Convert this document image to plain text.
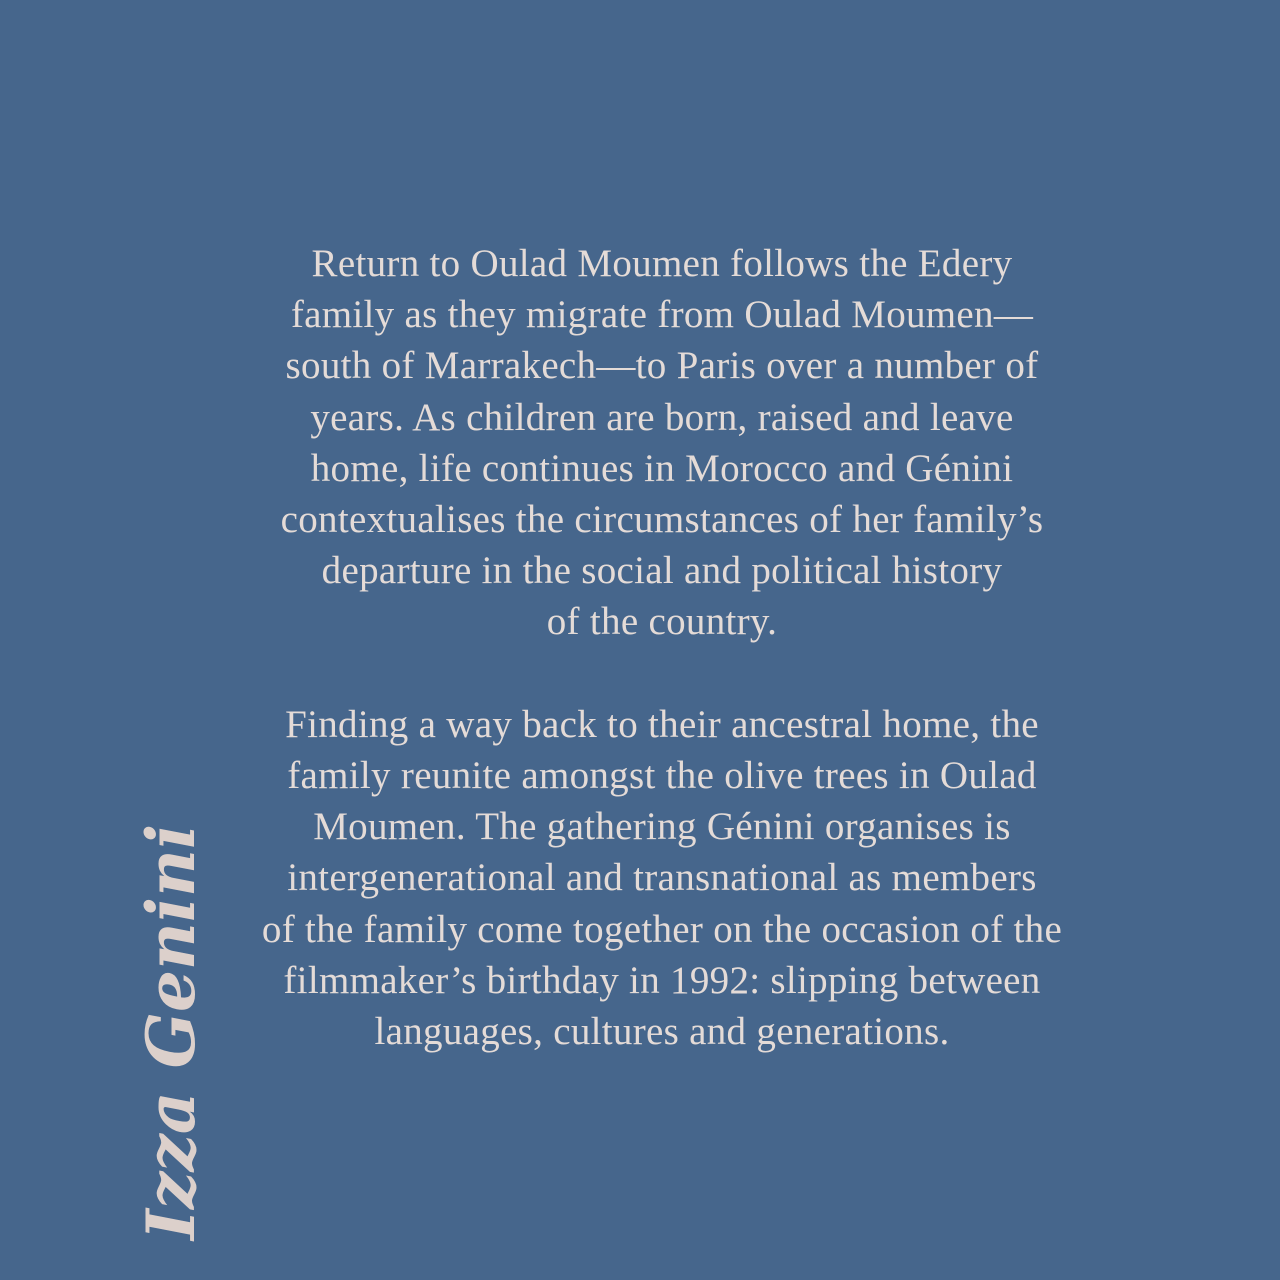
Izza Genini

Return to Oulad Moumen follows the Edery
family as they migrate from Oulad Moumen—
south of Marrakech—to Paris over a number of
years. As children are born, raised and leave
home, life continues in Morocco and Génini
contextualises the circumstances of her family’s
departure in the social and political history
of the country.

Finding a way back to their ancestral home, the
family reunite amongst the olive trees in Oulad
Moumen. The gathering Génini organises is
intergenerational and transnational as members
of the family come together on the occasion of the
filmmaker’s birthday in 1992: slipping between
languages, cultures and generations.
